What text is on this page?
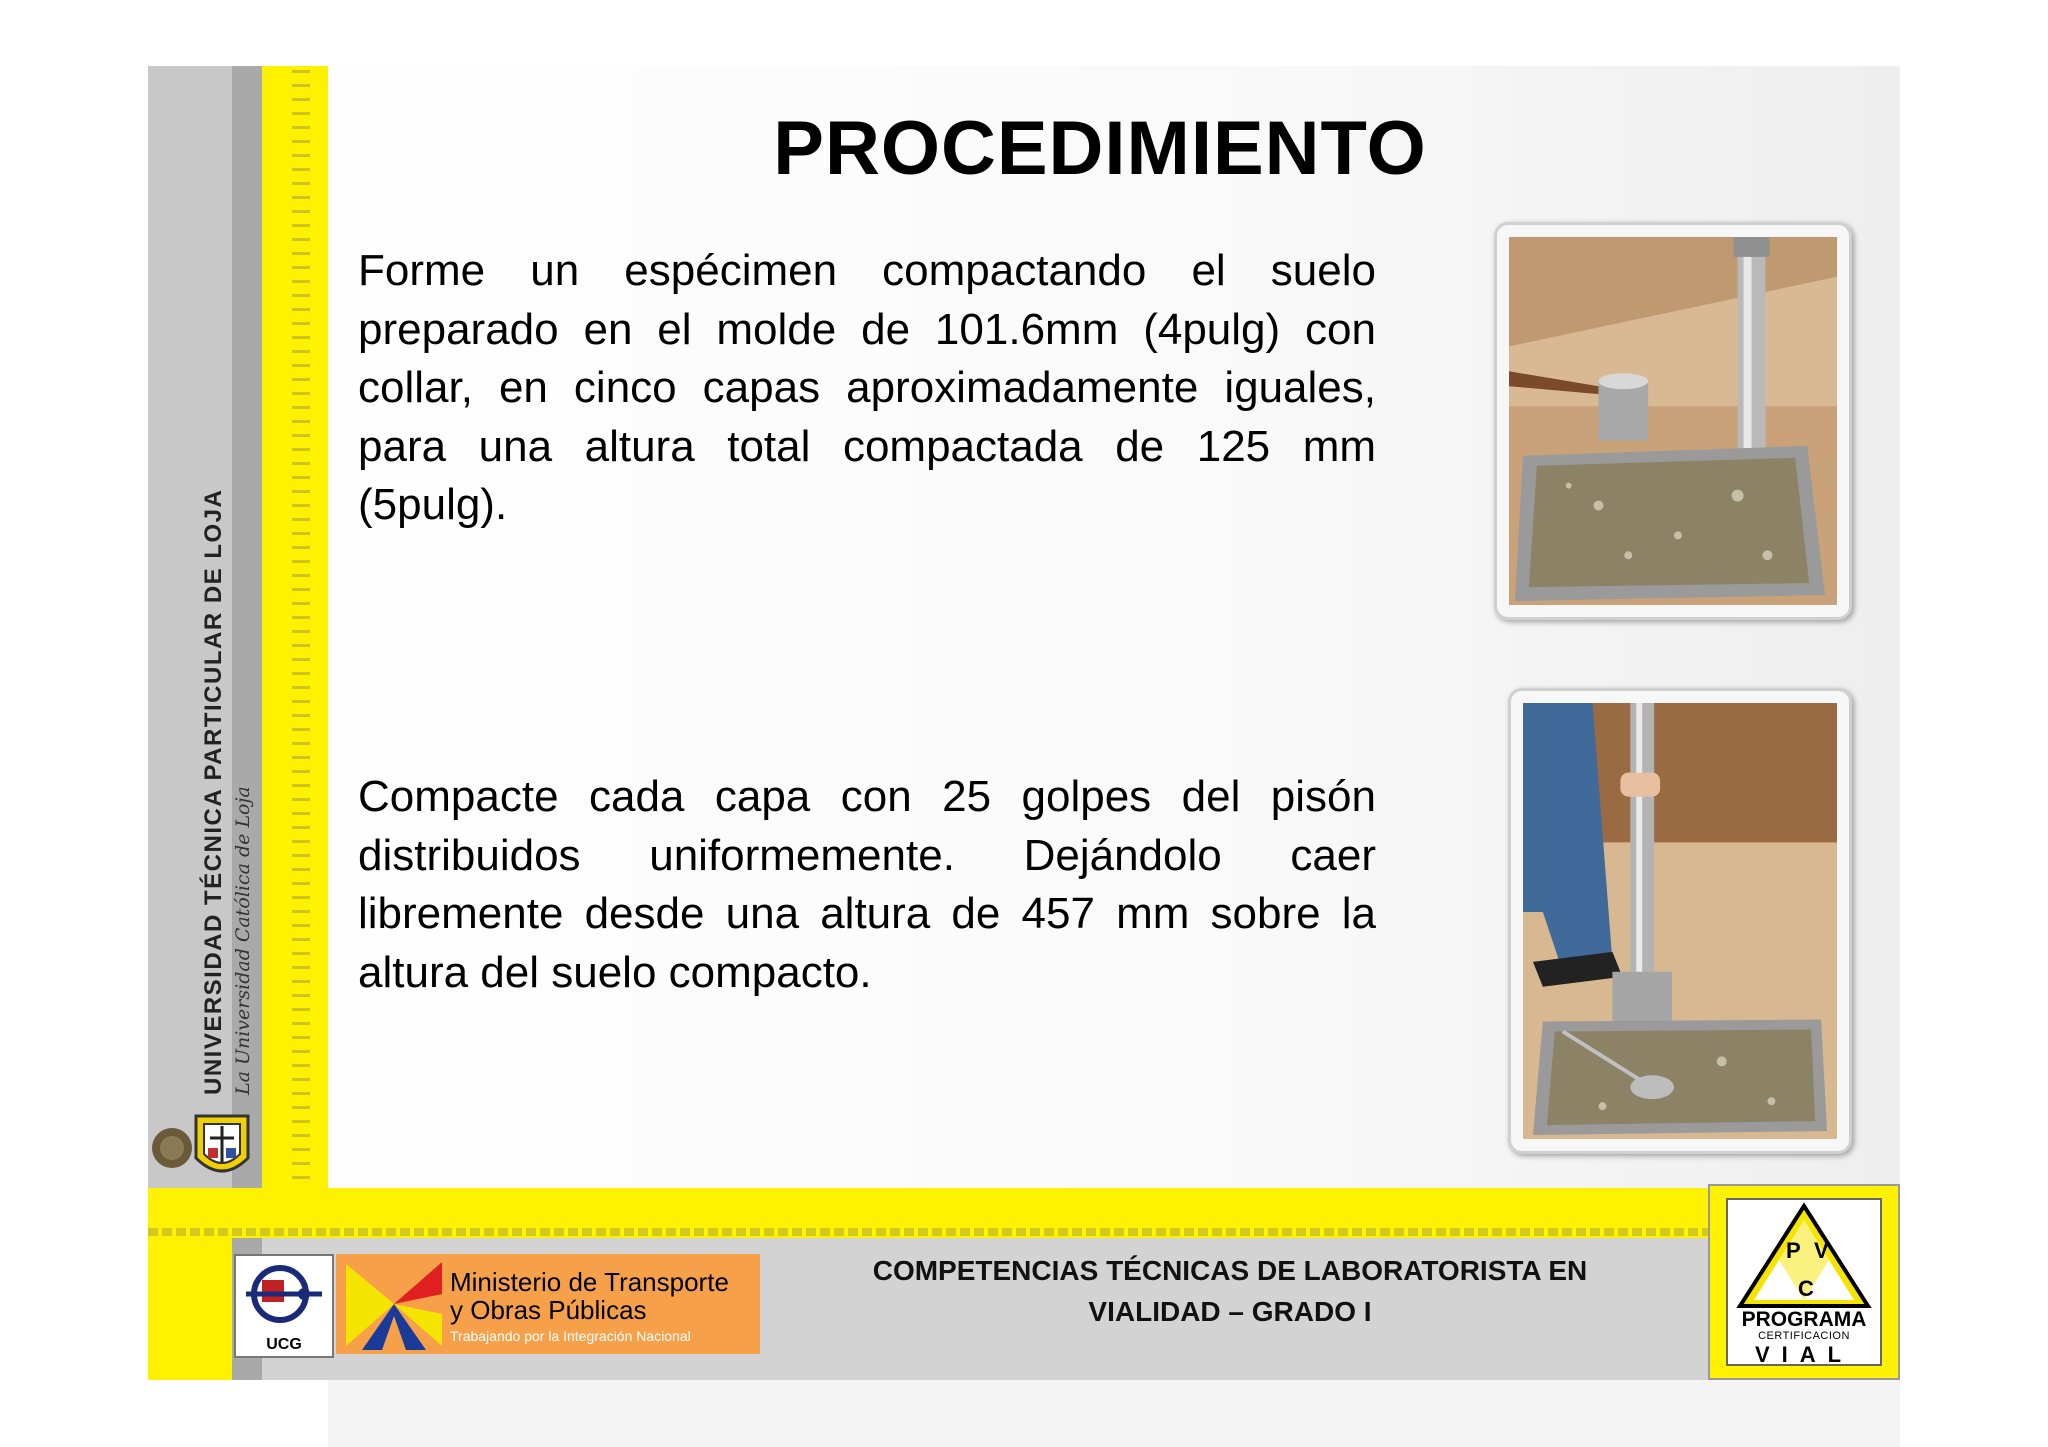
UNIVERSIDAD TÉCNICA PARTICULAR DE LOJA La Universidad Católica de Loja
PROCEDIMIENTO
Forme un espécimen compactando el suelo preparado en el molde de 101.6mm (4pulg) con collar, en cinco capas aproximadamente iguales, para una altura total compactada de 125 mm (5pulg).
Compacte cada capa con 25 golpes del pisón distribuidos uniformemente. Dejándolo caer libremente desde una altura de 457 mm sobre la altura del suelo compacto.
UCG
Ministerio de Transporte
y Obras Públicas
Trabajando por la Integración Nacional
COMPETENCIAS TÉCNICAS DE LABORATORISTA EN
VIALIDAD – GRADO I
P V
C
PROGRAMA
CERTIFICACION
VIAL
